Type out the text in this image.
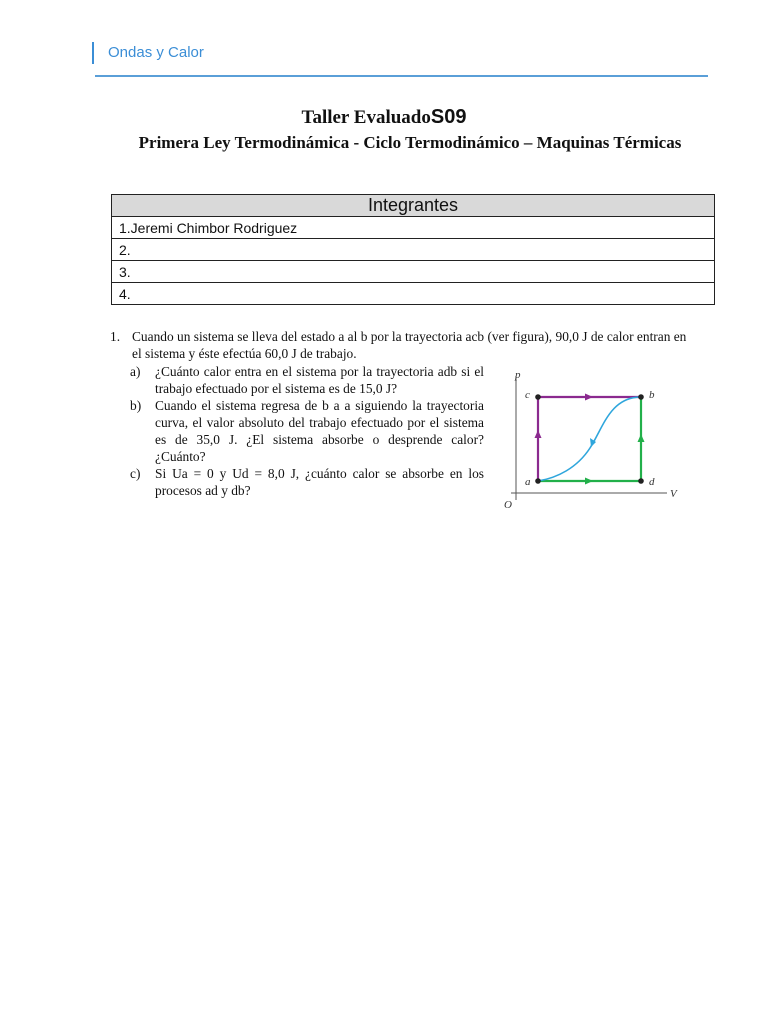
Ondas y Calor
Taller EvaluadoS09
Primera Ley Termodinámica - Ciclo Termodinámico – Maquinas Térmicas
Integrantes
1.Jeremi Chimbor Rodriguez
2.
3.
4.
1. Cuando un sistema se lleva del estado a al b por la trayectoria acb (ver figura), 90,0 J de calor entran en el sistema y éste efectúa 60,0 J de trabajo.
a) ¿Cuánto calor entra en el sistema por la trayectoria adb si el trabajo efectuado por el sistema es de 15,0 J?
b) Cuando el sistema regresa de b a a siguiendo la trayectoria curva, el valor absoluto del trabajo efectuado por el sistema es de 35,0 J. ¿El sistema absorbe o desprende calor? ¿Cuánto?
c) Si Ua = 0 y Ud = 8,0 J, ¿cuánto calor se absorbe en los procesos ad y db?
p
V
O
c	b
a	d
